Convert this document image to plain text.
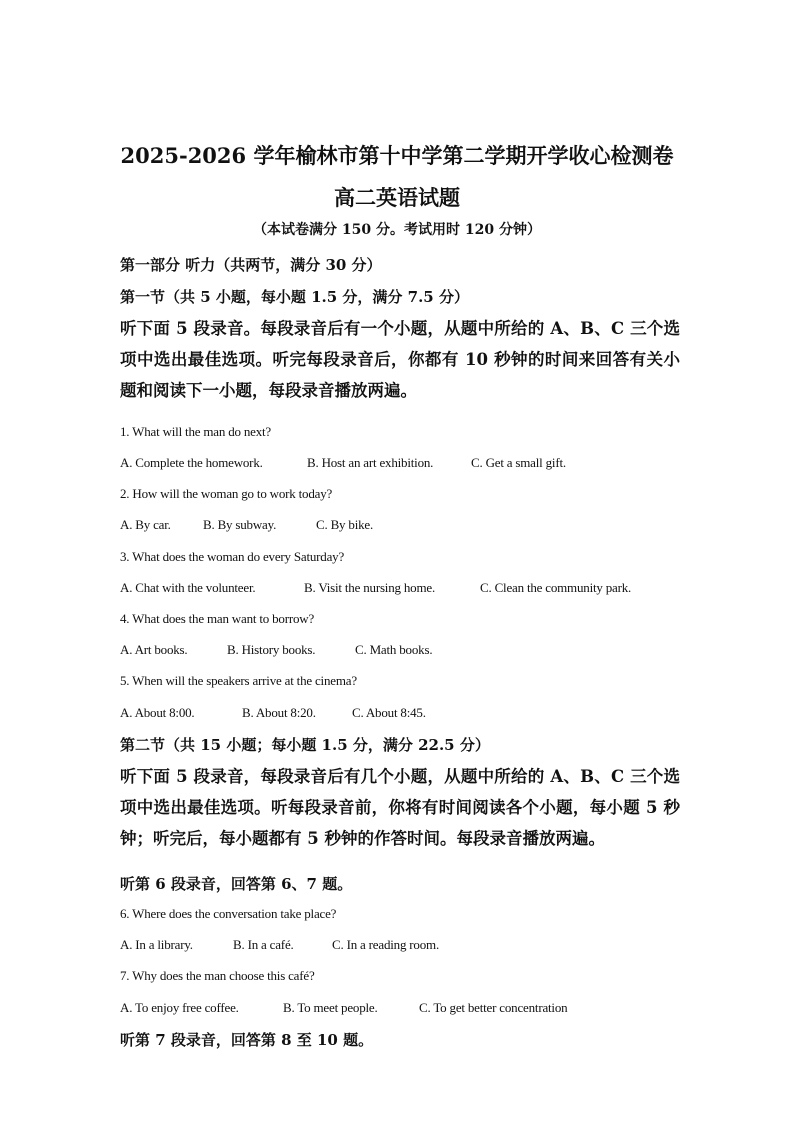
2025-2026 学年榆林市第十中学第二学期开学收心检测卷
高二英语试题
（本试卷满分 150 分。考试用时 120 分钟）
第一部分 听力（共两节，满分 30 分）
第一节（共 5 小题，每小题 1.5 分，满分 7.5 分）
听下面 5 段录音。每段录音后有一个小题，从题中所给的 A、B、C 三个选项中选出最佳选项。听完每段录音后，你都有 10 秒钟的时间来回答有关小题和阅读下一小题，每段录音播放两遍。
1. What will the man do next?
A. Complete the homework.	B. Host an art exhibition.	C. Get a small gift.
2. How will the woman go to work today?
A. By car. B. By subway.	C. By bike.
3. What does the woman do every Saturday?
A. Chat with the volunteer.	B. Visit the nursing home.	C. Clean the community park.
4. What does the man want to borrow?
A. Art books.	B. History books.	C. Math books.
5. When will the speakers arrive at the cinema?
A. About 8:00.	B. About 8:20.	C. About 8:45.
第二节（共 15 小题；每小题 1.5 分，满分 22.5 分）
听下面 5 段录音，每段录音后有几个小题，从题中所给的 A、B、C 三个选项中选出最佳选项。听每段录音前，你将有时间阅读各个小题，每小题 5 秒钟；听完后，每小题都有 5 秒钟的作答时间。每段录音播放两遍。
听第 6 段录音，回答第 6、7 题。
6. Where does the conversation take place?
A. In a library.	B. In a café.	C. In a reading room.
7. Why does the man choose this café?
A. To enjoy free coffee.	B. To meet people.	C. To get better concentration
听第 7 段录音，回答第 8 至 10 题。
